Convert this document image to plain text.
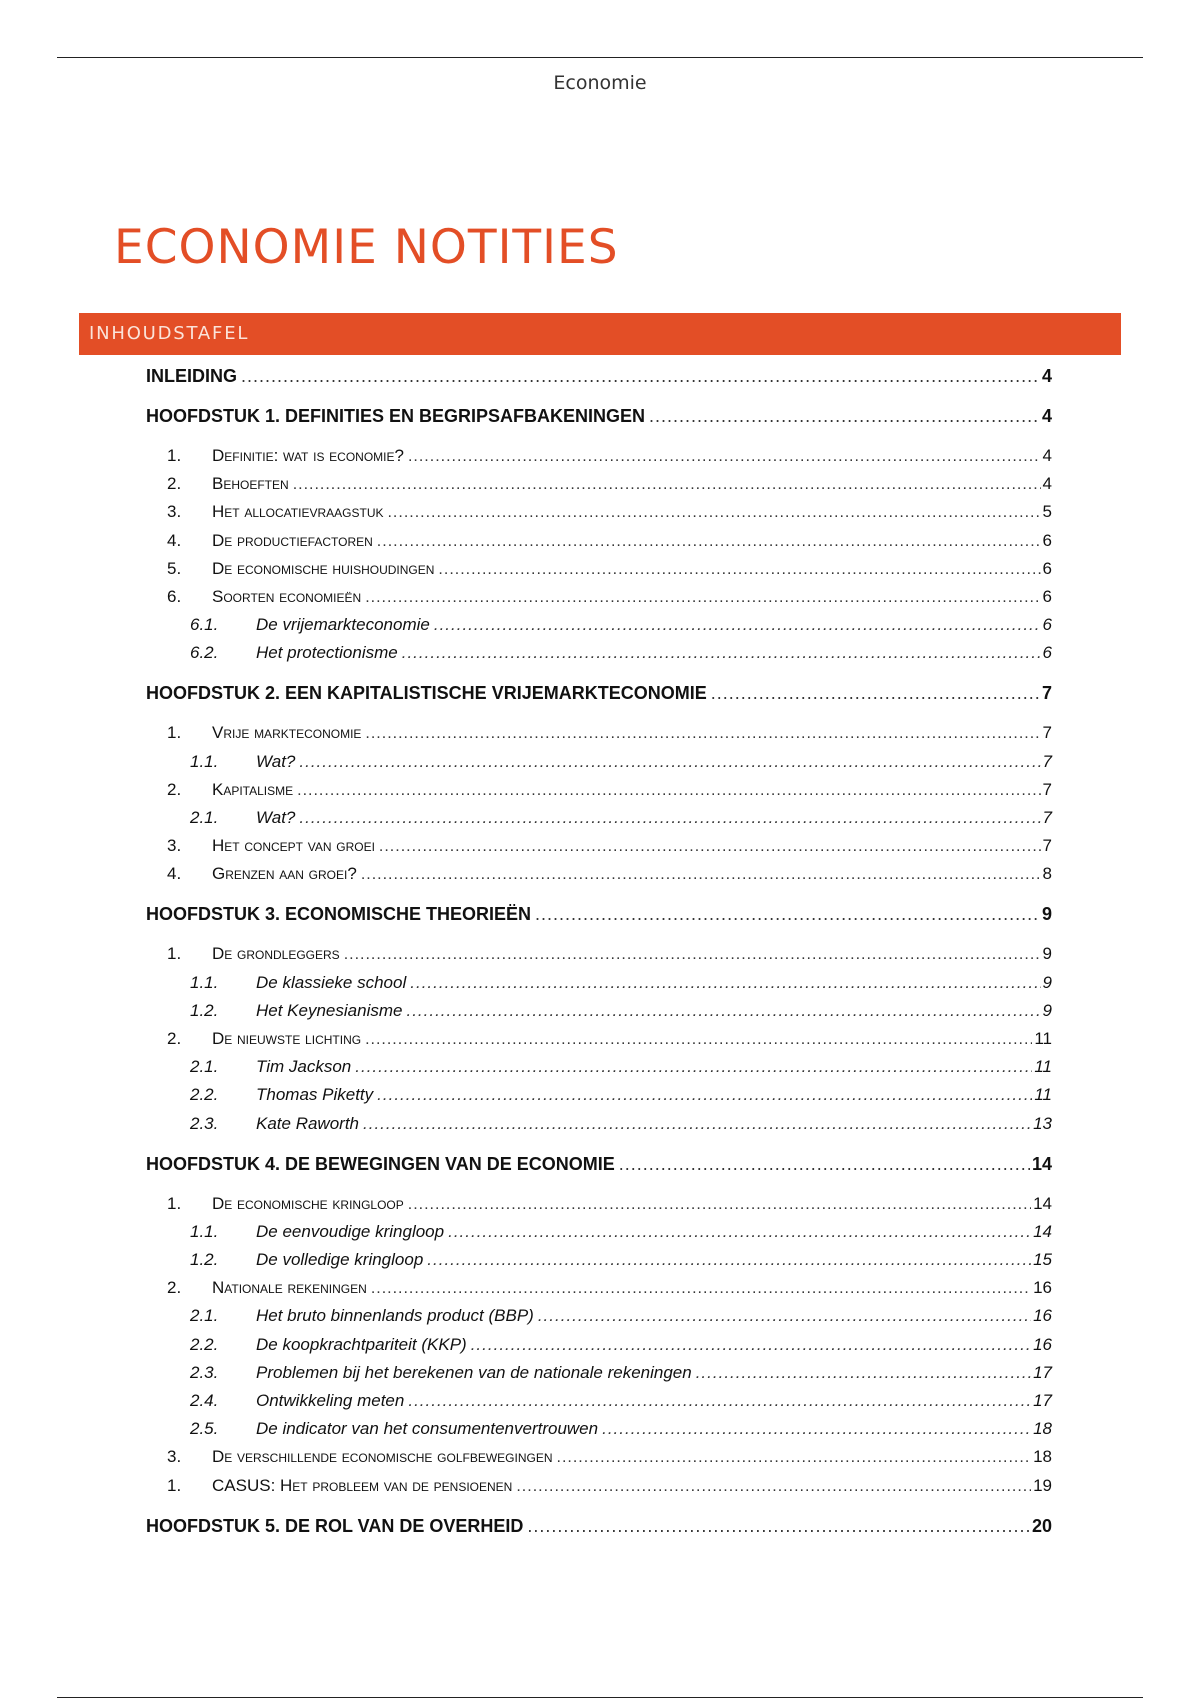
Economie
ECONOMIE NOTITIES
INHOUDSTAFEL
INLEIDING .....	4
HOOFDSTUK 1. DEFINITIES EN BEGRIPSAFBAKENINGEN .....	4
1.	Definitie: wat is economie? .....	4
2.	Behoeften .....	4
3.	Het allocatievraagstuk .....	5
4.	De productiefactoren .....	6
5.	De economische huishoudingen .....	6
6.	Soorten economieën .....	6
6.1.	De vrijemarkteconomie .....	6
6.2.	Het protectionisme .....	6
HOOFDSTUK 2. EEN KAPITALISTISCHE VRIJEMARKTECONOMIE .....	7
1.	Vrije markteconomie .....	7
1.1.	Wat? .....	7
2.	Kapitalisme .....	7
2.1.	Wat? .....	7
3.	Het concept van groei .....	7
4.	Grenzen aan groei? .....	8
HOOFDSTUK 3. ECONOMISCHE THEORIEËN .....	9
1.	De grondleggers .....	9
1.1.	De klassieke school .....	9
1.2.	Het Keynesianisme .....	9
2.	De nieuwste lichting .....	11
2.1.	Tim Jackson .....	11
2.2.	Thomas Piketty .....	11
2.3.	Kate Raworth .....	13
HOOFDSTUK 4. DE BEWEGINGEN VAN DE ECONOMIE .....	14
1.	De economische kringloop .....	14
1.1.	De eenvoudige kringloop .....	14
1.2.	De volledige kringloop .....	15
2.	Nationale rekeningen .....	16
2.1.	Het bruto binnenlands product (BBP) .....	16
2.2.	De koopkrachtpariteit (KKP) .....	16
2.3.	Problemen bij het berekenen van de nationale rekeningen .....	17
2.4.	Ontwikkeling meten .....	17
2.5.	De indicator van het consumentenvertrouwen .....	18
3.	De verschillende economische golfbewegingen .....	18
1.	CASUS: Het probleem van de pensioenen .....	19
HOOFDSTUK 5. DE ROL VAN DE OVERHEID .....	20
